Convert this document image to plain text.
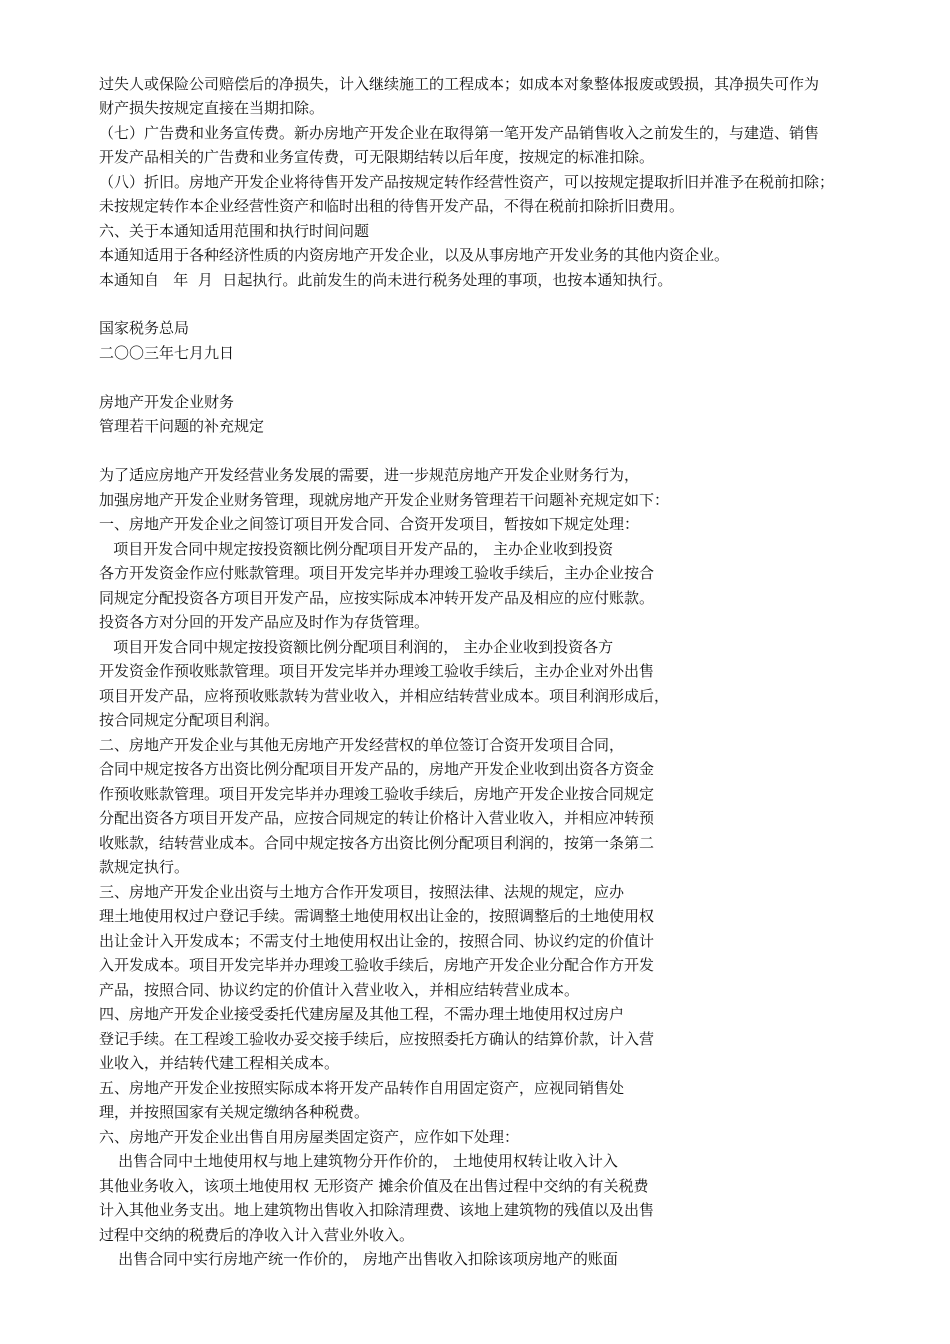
过失人或保险公司赔偿后的净损失，计入继续施工的工程成本；如成本对象整体报废或毁损，其净损失可作为
财产损失按规定直接在当期扣除。
（七）广告费和业务宣传费。新办房地产开发企业在取得第一笔开发产品销售收入之前发生的，与建造、销售
开发产品相关的广告费和业务宣传费，可无限期结转以后年度，按规定的标准扣除。
（八）折旧。房地产开发企业将待售开发产品按规定转作经营性资产，可以按规定提取折旧并准予在税前扣除；
未按规定转作本企业经营性资产和临时出租的待售开发产品，不得在税前扣除折旧费用。
六、关于本通知适用范围和执行时间问题
本通知适用于各种经济性质的内资房地产开发企业，以及从事房地产开发业务的其他内资企业。
本通知自   年  月  日起执行。此前发生的尚未进行税务处理的事项，也按本通知执行。
国家税务总局
二〇〇三年七月九日
房地产开发企业财务
管理若干问题的补充规定
为了适应房地产开发经营业务发展的需要，进一步规范房地产开发企业财务行为，
加强房地产开发企业财务管理，现就房地产开发企业财务管理若干问题补充规定如下：
一、房地产开发企业之间签订项目开发合同、合资开发项目，暂按如下规定处理：
项目开发合同中规定按投资额比例分配项目开发产品的， 主办企业收到投资
各方开发资金作应付账款管理。项目开发完毕并办理竣工验收手续后，主办企业按合
同规定分配投资各方项目开发产品，应按实际成本冲转开发产品及相应的应付账款。
投资各方对分回的开发产品应及时作为存货管理。
项目开发合同中规定按投资额比例分配项目利润的， 主办企业收到投资各方
开发资金作预收账款管理。项目开发完毕并办理竣工验收手续后，主办企业对外出售
项目开发产品，应将预收账款转为营业收入，并相应结转营业成本。项目利润形成后，
按合同规定分配项目利润。
二、房地产开发企业与其他无房地产开发经营权的单位签订合资开发项目合同，
合同中规定按各方出资比例分配项目开发产品的，房地产开发企业收到出资各方资金
作预收账款管理。项目开发完毕并办理竣工验收手续后，房地产开发企业按合同规定
分配出资各方项目开发产品，应按合同规定的转让价格计入营业收入，并相应冲转预
收账款，结转营业成本。合同中规定按各方出资比例分配项目利润的，按第一条第二
款规定执行。
三、房地产开发企业出资与土地方合作开发项目，按照法律、法规的规定，应办
理土地使用权过户登记手续。需调整土地使用权出让金的，按照调整后的土地使用权
出让金计入开发成本；不需支付土地使用权出让金的，按照合同、协议约定的价值计
入开发成本。项目开发完毕并办理竣工验收手续后，房地产开发企业分配合作方开发
产品，按照合同、协议约定的价值计入营业收入，并相应结转营业成本。
四、房地产开发企业接受委托代建房屋及其他工程，不需办理土地使用权过房户
登记手续。在工程竣工验收办妥交接手续后，应按照委托方确认的结算价款，计入营
业收入，并结转代建工程相关成本。
五、房地产开发企业按照实际成本将开发产品转作自用固定资产，应视同销售处
理，并按照国家有关规定缴纳各种税费。
六、房地产开发企业出售自用房屋类固定资产，应作如下处理：
出售合同中土地使用权与地上建筑物分开作价的， 土地使用权转让收入计入
其他业务收入，该项土地使用权 无形资产 摊余价值及在出售过程中交纳的有关税费
计入其他业务支出。地上建筑物出售收入扣除清理费、该地上建筑物的残值以及出售
过程中交纳的税费后的净收入计入营业外收入。
出售合同中实行房地产统一作价的， 房地产出售收入扣除该项房地产的账面
